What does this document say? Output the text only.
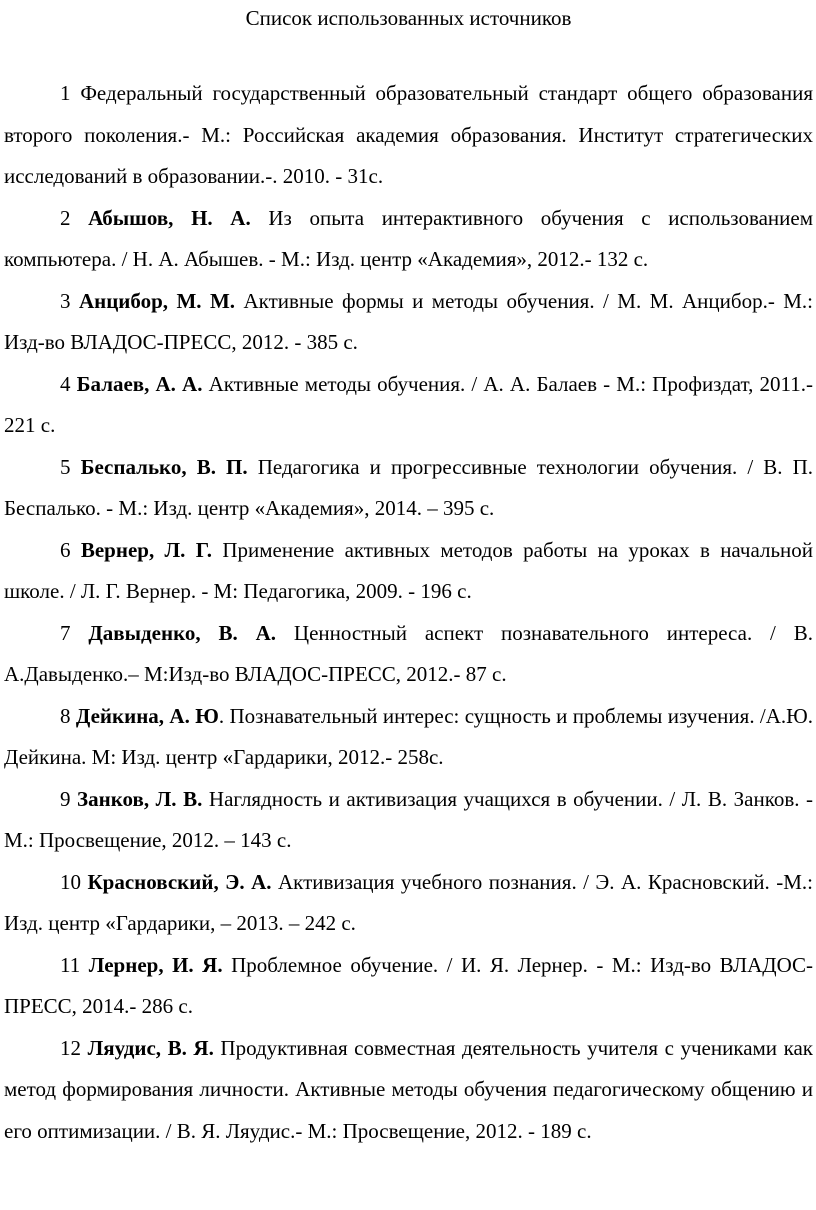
Список использованных источников

1 Федеральный государственный образовательный стандарт общего образования второго поколения.- М.: Российская академия образования. Институт стратегических исследований в образовании.-. 2010. - 31с.

2 Абышов, Н. А. Из опыта интерактивного обучения с использованием компьютера. / Н. А. Абышев. - М.: Изд. центр «Академия», 2012.- 132 с.

3 Анцибор, М. М. Активные формы и методы обучения. / М. М. Анцибор.- М.: Изд-во ВЛАДОС-ПРЕСС, 2012. - 385 с.

4 Балаев, А. А. Активные методы обучения. / А. А. Балаев - М.: Профиздат, 2011.- 221 с.

5 Беспалько, В. П. Педагогика и прогрессивные технологии обучения. / В. П. Беспалько. - М.: Изд. центр «Академия», 2014. – 395 с.

6 Вернер, Л. Г. Применение активных методов работы на уроках в начальной школе. / Л. Г. Вернер. - М: Педагогика, 2009. - 196 с.

7 Давыденко, В. А. Ценностный аспект познавательного интереса. / В. А.Давыденко.– М:Изд-во ВЛАДОС-ПРЕСС, 2012.- 87 с.

8 Дейкина, А. Ю. Познавательный интерес: сущность и проблемы изучения. /А.Ю. Дейкина. М: Изд. центр «Гардарики, 2012.- 258с.

9 Занков, Л. В. Наглядность и активизация учащихся в обучении. / Л. В. Занков. - М.: Просвещение, 2012. – 143 с.

10 Красновский, Э. А. Активизация учебного познания. / Э. А. Красновский. -М.: Изд. центр «Гардарики, – 2013. – 242 с.

11 Лернер, И. Я. Проблемное обучение. / И. Я. Лернер. - М.: Изд-во ВЛАДОС-ПРЕСС, 2014.- 286 с.

12 Ляудис, В. Я. Продуктивная совместная деятельность учителя с учениками как метод формирования личности. Активные методы обучения педагогическому общению и его оптимизации. / В. Я. Ляудис.- М.: Просвещение, 2012. - 189 с.
